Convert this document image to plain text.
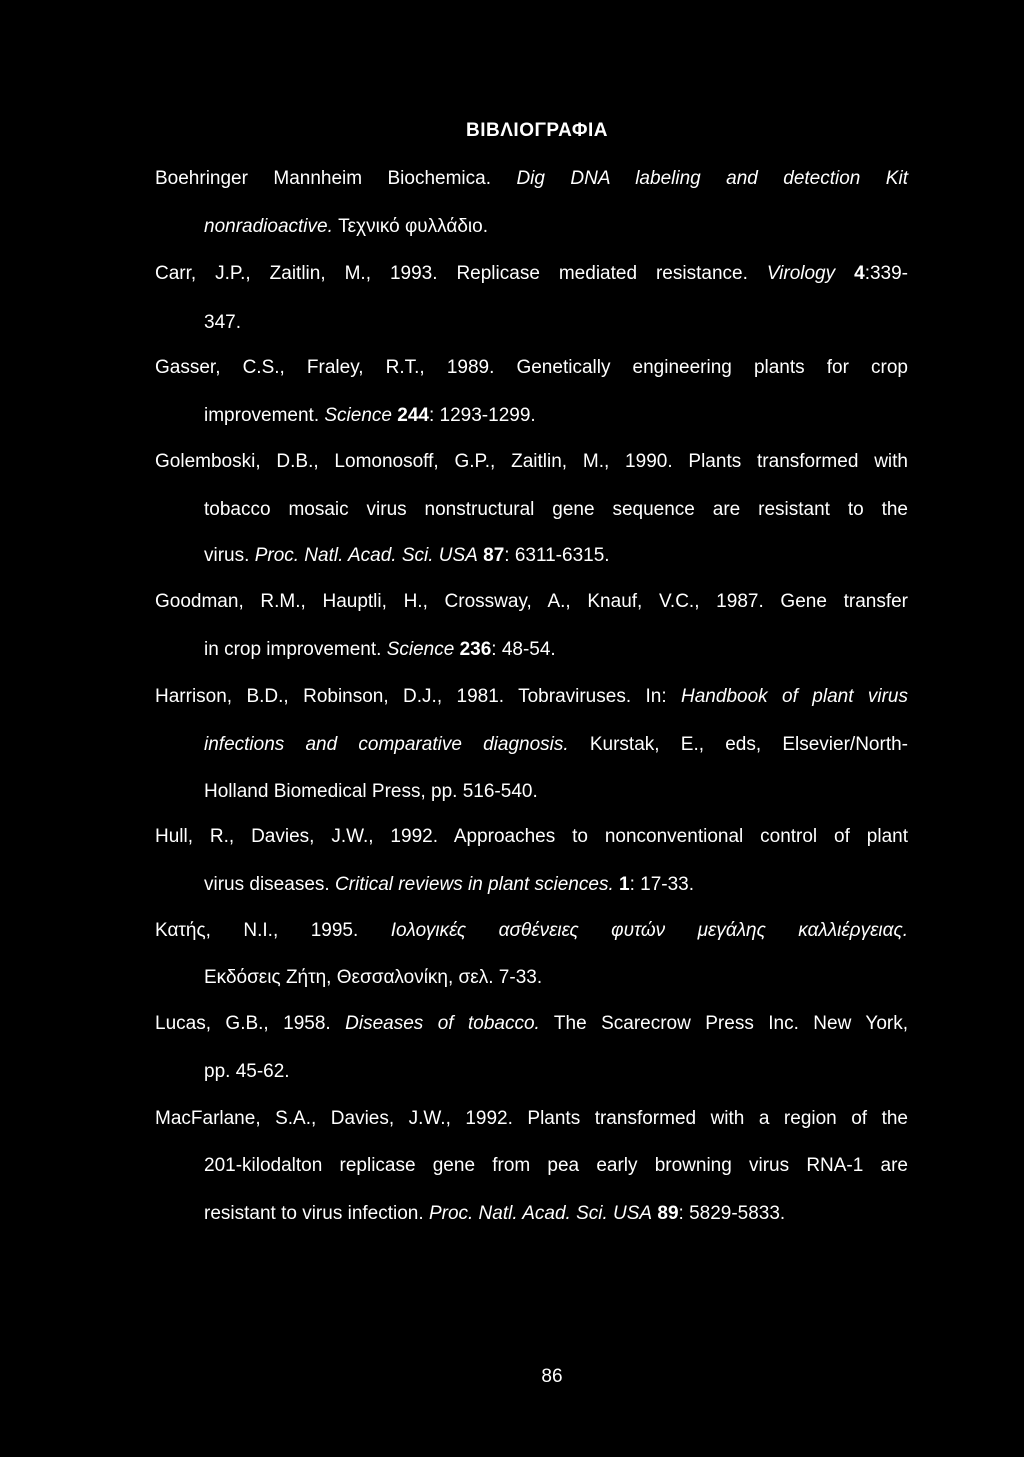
ΒΙΒΛΙΟΓΡΑΦΙΑ
Boehringer Mannheim Biochemica. Dig DNA labeling and detection Kit
nonradioactive. Τεχνικό φυλλάδιο.
Carr, J.P., Zaitlin, M., 1993. Replicase mediated resistance. Virology 4:339-
347.
Gasser, C.S., Fraley, R.T., 1989. Genetically engineering plants for crop
improvement. Science 244: 1293-1299.
Golemboski, D.B., Lomonosoff, G.P., Zaitlin, M., 1990. Plants transformed with
tobacco mosaic virus nonstructural gene sequence are resistant to the
virus. Proc. Natl. Acad. Sci. USA 87: 6311-6315.
Goodman, R.M., Hauptli, H., Crossway, A., Knauf, V.C., 1987. Gene transfer
in crop improvement. Science 236: 48-54.
Harrison, B.D., Robinson, D.J., 1981. Tobraviruses. In: Handbook of plant virus
infections and comparative diagnosis. Kurstak, E., eds, Elsevier/North-
Holland Biomedical Press, pp. 516-540.
Hull, R., Davies, J.W., 1992. Approaches to nonconventional control of plant
virus diseases. Critical reviews in plant sciences. 1: 17-33.
Κατής, Ν.Ι., 1995. Ιολογικές ασθένειες φυτών μεγάλης καλλιέργειας.
Εκδόσεις Ζήτη, Θεσσαλονίκη, σελ. 7-33.
Lucas, G.B., 1958. Diseases of tobacco. The Scarecrow Press Inc. New York,
pp. 45-62.
MacFarlane, S.A., Davies, J.W., 1992. Plants transformed with a region of the
201-kilodalton replicase gene from pea early browning virus RNA-1 are
resistant to virus infection. Proc. Natl. Acad. Sci. USA 89: 5829-5833.
86
